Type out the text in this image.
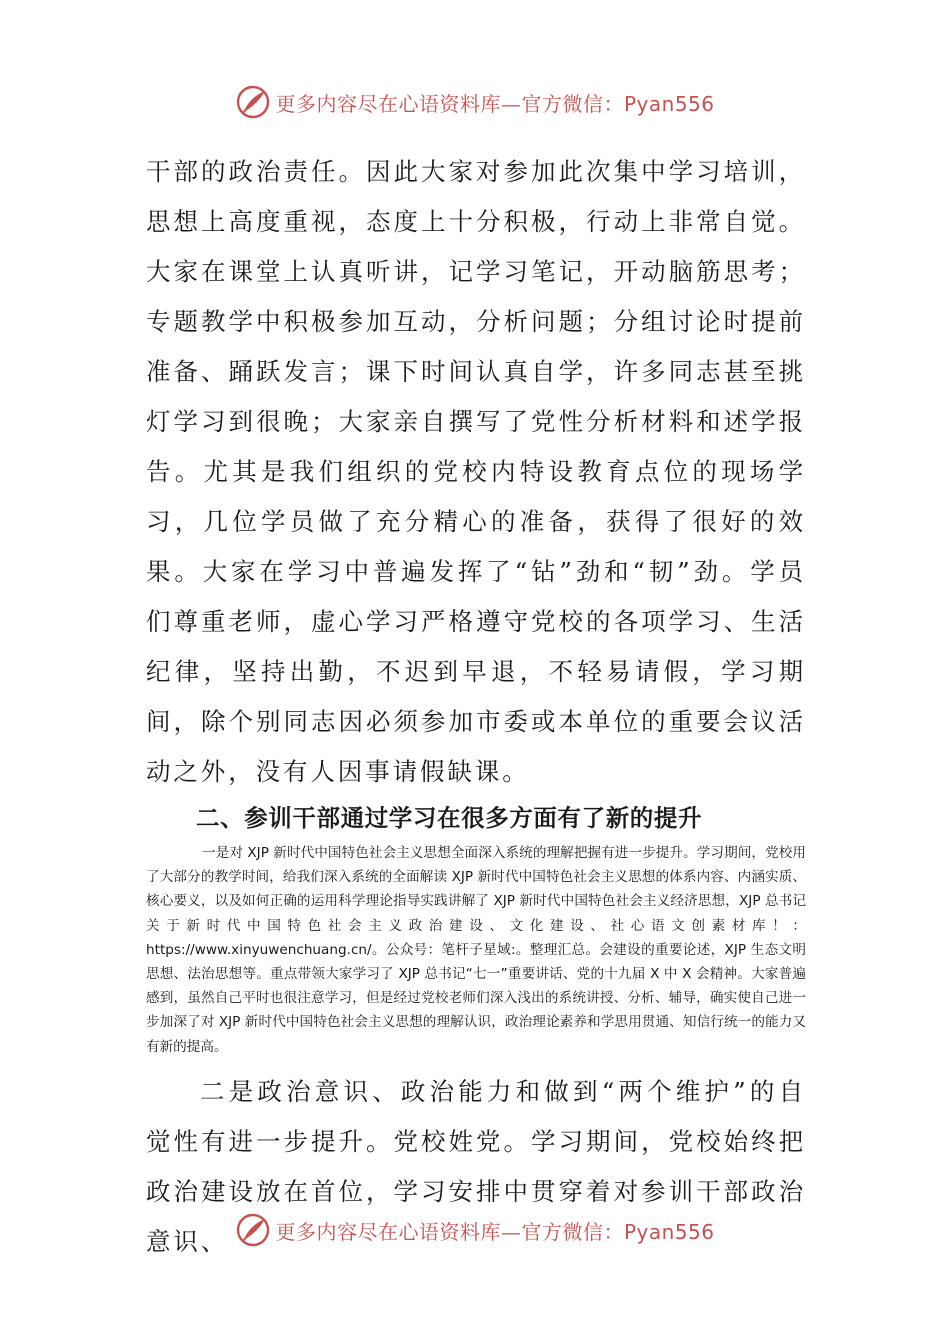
更多内容尽在心语资料库—官方微信：Pyan556

干部的政治责任。因此大家对参加此次集中学习培训，思想上高度重视，态度上十分积极，行动上非常自觉。大家在课堂上认真听讲，记学习笔记，开动脑筋思考；专题教学中积极参加互动，分析问题；分组讨论时提前准备、踊跃发言；课下时间认真自学，许多同志甚至挑灯学习到很晚；大家亲自撰写了党性分析材料和述学报告。尤其是我们组织的党校内特设教育点位的现场学习，几位学员做了充分精心的准备，获得了很好的效果。大家在学习中普遍发挥了“钻”劲和“韧”劲。学员们尊重老师，虚心学习严格遵守党校的各项学习、生活纪律，坚持出勤，不迟到早退，不轻易请假，学习期间，除个别同志因必须参加市委或本单位的重要会议活动之外，没有人因事请假缺课。

二、参训干部通过学习在很多方面有了新的提升

一是对 XJP 新时代中国特色社会主义思想全面深入系统的理解把握有进一步提升。学习期间，党校用了大部分的教学时间，给我们深入系统的全面解读 XJP 新时代中国特色社会主义思想的体系内容、内涵实质、核心要义，以及如何正确的运用科学理论指导实践讲解了 XJP 新时代中国特色社会主义经济思想，XJP 总书记关于新时代中国特色社会主义政治建设、文化建设、社心语文创素材库！：https://www.xinyuwenchuang.cn/。公众号：笔杆子星域:。整理汇总。会建设的重要论述，XJP 生态文明思想、法治思想等。重点带领大家学习了 XJP 总书记“七一”重要讲话、党的十九届 X 中 X 会精神。大家普遍感到，虽然自己平时也很注意学习，但是经过党校老师们深入浅出的系统讲授、分析、辅导，确实使自己进一步加深了对 XJP 新时代中国特色社会主义思想的理解认识，政治理论素养和学思用贯通、知信行统一的能力又有新的提高。

二是政治意识、政治能力和做到“两个维护”的自觉性有进一步提升。党校姓党。学习期间，党校始终把政治建设放在首位，学习安排中贯穿着对参训干部政治意识、	更多内容尽在心语资料库—官方微信：Pyan556
